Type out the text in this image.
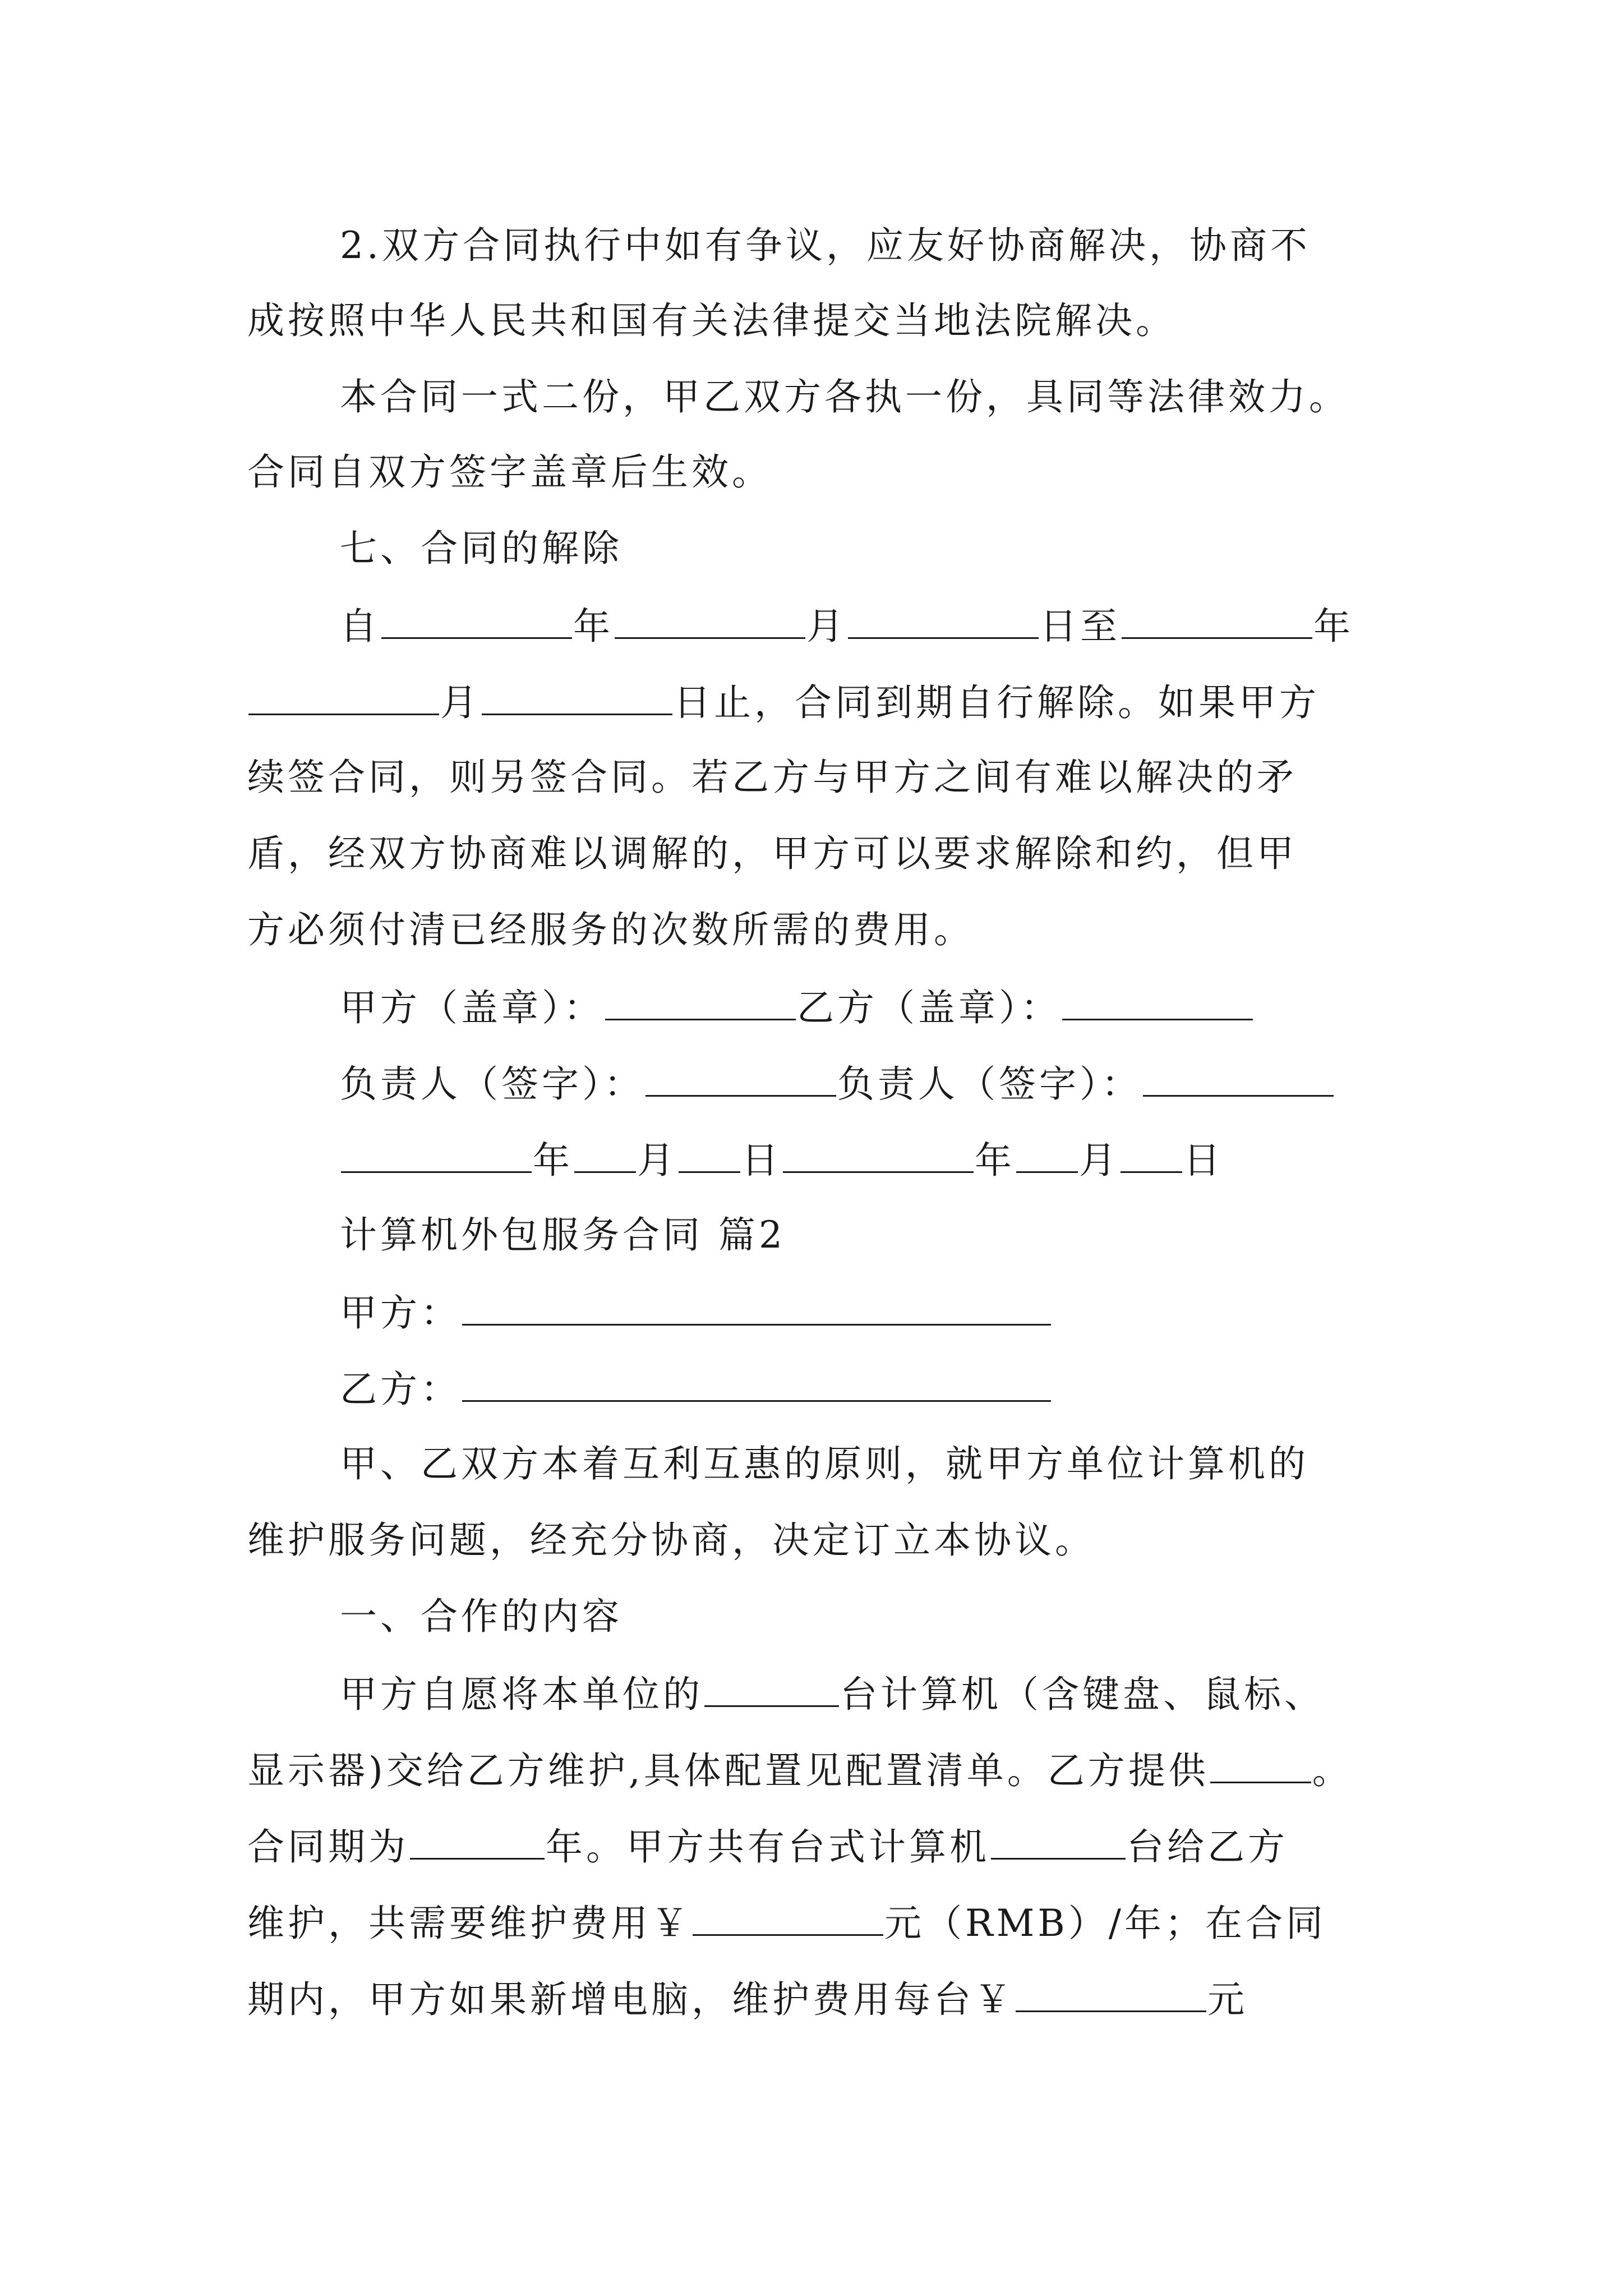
2.双方合同执行中如有争议，应友好协商解决，协商不
成按照中华人民共和国有关法律提交当地法院解决。
本合同一式二份，甲乙双方各执一份，具同等法律效力。
合同自双方签字盖章后生效。
七、合同的解除
自	年	月	日至	年
月	日止，合同到期自行解除。如果甲方
续签合同，则另签合同。若乙方与甲方之间有难以解决的矛
盾，经双方协商难以调解的，甲方可以要求解除和约，但甲
方必须付清已经服务的次数所需的费用。
甲方（盖章）：	乙方（盖章）：
负责人（签字）：	负责人（签字）：
年 月 日	年 月 日
计算机外包服务合同 篇2
甲方：
乙方：
甲、乙双方本着互利互惠的原则，就甲方单位计算机的
维护服务问题，经充分协商，决定订立本协议。
一、合作的内容
甲方自愿将本单位的	台计算机（含键盘、鼠标、
显示器)交给乙方维护,具体配置见配置清单。乙方提供	。
合同期为	年。甲方共有台式计算机	台给乙方
维护，共需要维护费用￥	元（RMB）/年；在合同
期内，甲方如果新增电脑，维护费用每台￥	元
